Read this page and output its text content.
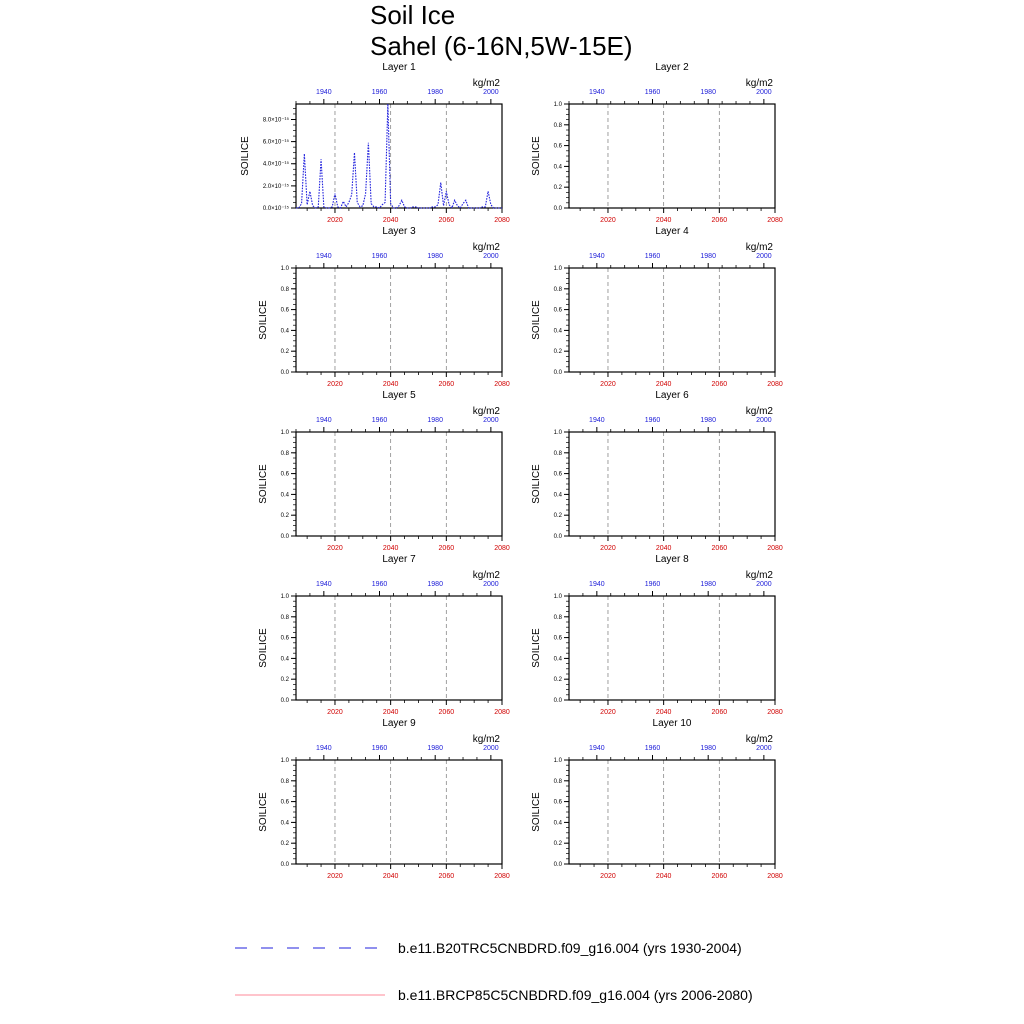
Soil Ice
Sahel (6-16N,5W-15E)
Layer 1
kg/m2
2020	2040	2060	2080
1940	1960	1980	2000
0.0×10⁻¹⁵
2.0×10⁻¹⁵
4.0×10⁻¹⁵
6.0×10⁻¹⁵
8.0×10⁻¹⁵
SOILICE
Layer 2
kg/m2
2020	2040	2060	2080
1940	1960	1980	2000
0.0
0.2
0.4
0.6
0.8
1.0
SOILICE
Layer 3
kg/m2
2020	2040	2060	2080
1940	1960	1980	2000
0.0
0.2
0.4
0.6
0.8
1.0
SOILICE
Layer 4
kg/m2
2020	2040	2060	2080
1940	1960	1980	2000
0.0
0.2
0.4
0.6
0.8
1.0
SOILICE
Layer 5
kg/m2
2020	2040	2060	2080
1940	1960	1980	2000
0.0
0.2
0.4
0.6
0.8
1.0
SOILICE
Layer 6
kg/m2
2020	2040	2060	2080
1940	1960	1980	2000
0.0
0.2
0.4
0.6
0.8
1.0
SOILICE
Layer 7
kg/m2
2020	2040	2060	2080
1940	1960	1980	2000
0.0
0.2
0.4
0.6
0.8
1.0
SOILICE
Layer 8
kg/m2
2020	2040	2060	2080
1940	1960	1980	2000
0.0
0.2
0.4
0.6
0.8
1.0
SOILICE
Layer 9
kg/m2
2020	2040	2060	2080
1940	1960	1980	2000
0.0
0.2
0.4
0.6
0.8
1.0
SOILICE
Layer 10
kg/m2
2020	2040	2060	2080
1940	1960	1980	2000
0.0
0.2
0.4
0.6
0.8
1.0
SOILICE
b.e11.B20TRC5CNBDRD.f09_g16.004 (yrs 1930-2004)
b.e11.BRCP85C5CNBDRD.f09_g16.004 (yrs 2006-2080)
